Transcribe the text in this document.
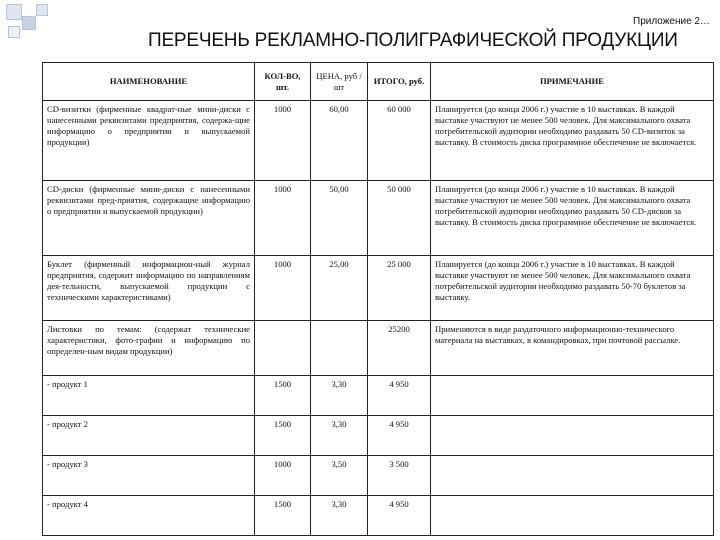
Приложение 2…
ПЕРЕЧЕНЬ РЕКЛАМНО-ПОЛИГРАФИЧЕСКОЙ ПРОДУКЦИИ
НАИМЕНОВАНИЕ	КОЛ-ВО, шт.	ЦЕНА, руб /шт	ИТОГО, руб.	ПРИМЕЧАНИЕ
CD-визитки (фирменные квадрат-ные мини-диски с нанесенными реквизитами предприятия, содержа-щие информацию о предприятии и выпускаемой продукции)	1000	60,00	60 000	Планируется (до конца 2006 г.) участие в 10 выставках. В каждой выставке участвуют не менее 500 человек. Для максимального охвата потребительской аудитории необходимо раздавать 50 CD-визиток за выставку. В стоимость диска программное обеспечение не включается.
CD-диски (фирменные мини-диски с нанесенными реквизитами пред-приятия, содержащие информацию о предприятии и выпускаемой продукции)	1000	50,00	50 000	Планируется (до конца 2006 г.) участие в 10 выставках. В каждой выставке участвуют не менее 500 человек. Для максимального охвата потребительской аудитории необходимо раздавать 50 CD-дисков за выставку. В стоимость диска программное обеспечение не включается.
Буклет (фирменный информацион-ный журнал предприятия, содержит информацию по направлениям дея-тельности, выпускаемой продукции с техническими характеристиками)	1000	25,00	25 000	Планируется (до конца 2006 г.) участие в 10 выставках. В каждой выставке участвуют не менее 500 человек. Для максимального охвата потребительской аудитории необходимо раздавать 50-70 буклетов за выставку.
Листовки по темам: (содержат технические характеристики, фото-графии и информацию по определен-ным видам продукции)			25200	Применяются в виде раздаточного информационно-технического материала на выставках, в командировках, при почтовой рассылке.
- продукт 1	1500	3,30	4 950	
- продукт 2	1500	3,30	4 950	
- продукт 3	1000	3,50	3 500	
- продукт 4	1500	3,30	4 950	
